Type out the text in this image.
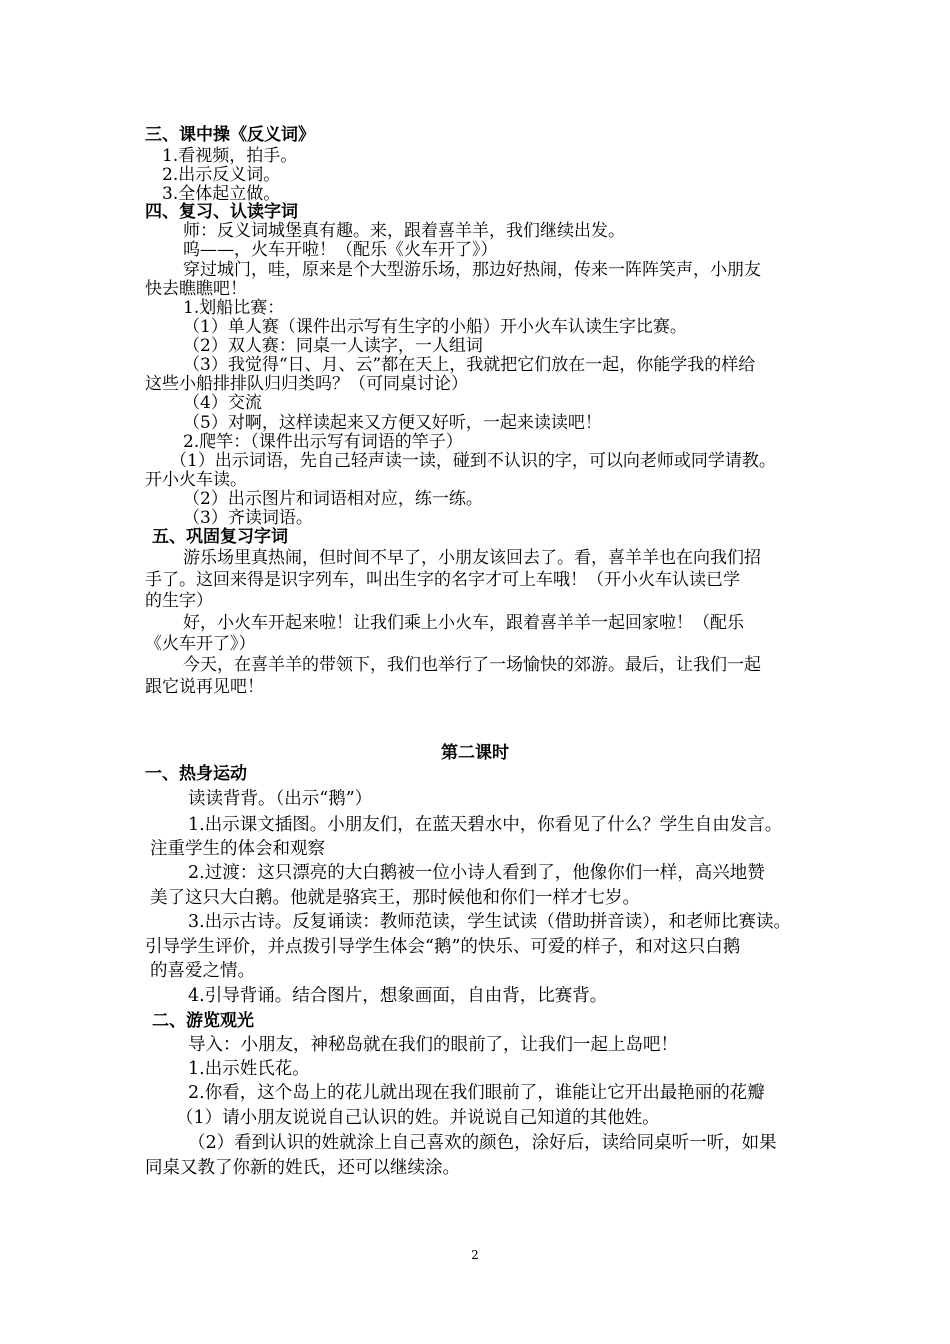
三、课中操《反义词》
1.看视频，拍手。
2.出示反义词。
3.全体起立做。
四、复习、认读字词
师：反义词城堡真有趣。来，跟着喜羊羊，我们继续出发。
呜——，火车开啦！（配乐《火车开了》）
穿过城门，哇，原来是个大型游乐场，那边好热闹，传来一阵阵笑声，小朋友
快去瞧瞧吧！
1.划船比赛：
（1）单人赛（课件出示写有生字的小船）开小火车认读生字比赛。
（2）双人赛：同桌一人读字，一人组词
（3）我觉得“日、月、云”都在天上，我就把它们放在一起，你能学我的样给
这些小船排排队归归类吗？（可同桌讨论）
（4）交流
（5）对啊，这样读起来又方便又好听，一起来读读吧！
2.爬竿：（课件出示写有词语的竿子）
（1）出示词语，先自己轻声读一读，碰到不认识的字，可以向老师或同学请教。
开小火车读。
（2）出示图片和词语相对应，练一练。
（3）齐读词语。
五、巩固复习字词
游乐场里真热闹，但时间不早了，小朋友该回去了。看，喜羊羊也在向我们招
手了。这回来得是识字列车，叫出生字的名字才可上车哦！（开小火车认读已学
的生字）
好，小火车开起来啦！让我们乘上小火车，跟着喜羊羊一起回家啦！（配乐
《火车开了》）
今天，在喜羊羊的带领下，我们也举行了一场愉快的郊游。最后，让我们一起
跟它说再见吧！
第二课时
一、热身运动
读读背背。（出示“鹅”）
1.出示课文插图。小朋友们，在蓝天碧水中，你看见了什么？学生自由发言。
注重学生的体会和观察
2.过渡：这只漂亮的大白鹅被一位小诗人看到了，他像你们一样，高兴地赞
美了这只大白鹅。他就是骆宾王，那时候他和你们一样才七岁。
3.出示古诗。反复诵读：教师范读，学生试读（借助拼音读），和老师比赛读。
引导学生评价，并点拨引导学生体会“鹅”的快乐、可爱的样子，和对这只白鹅
的喜爱之情。
4.引导背诵。结合图片，想象画面，自由背，比赛背。
二、游览观光
导入：小朋友，神秘岛就在我们的眼前了，让我们一起上岛吧！
1.出示姓氏花。
2.你看，这个岛上的花儿就出现在我们眼前了，谁能让它开出最艳丽的花瓣
（1）请小朋友说说自己认识的姓。并说说自己知道的其他姓。
（2）看到认识的姓就涂上自己喜欢的颜色，涂好后，读给同桌听一听，如果
同桌又教了你新的姓氏，还可以继续涂。
2
